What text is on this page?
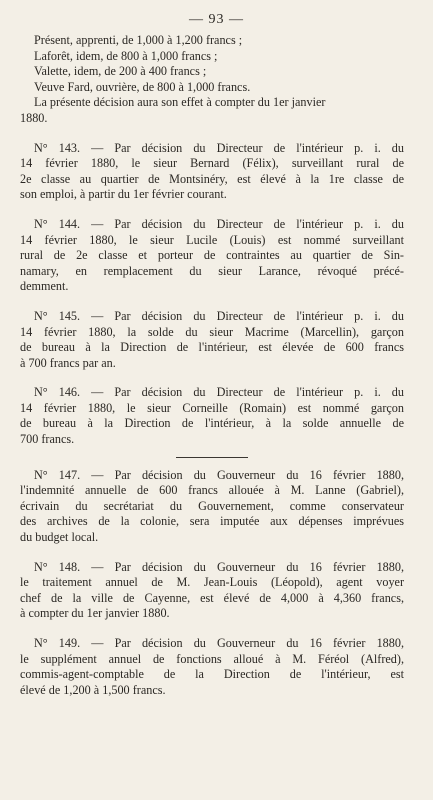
— 93 —
Présent, apprenti, de 1,000 à 1,200 francs ;
Laforêt, idem, de 800 à 1,000 francs ;
Valette, idem, de 200 à 400 francs ;
Veuve Fard, ouvrière, de 800 à 1,000 francs.
La présente décision aura son effet à compter du 1er janvier
1880.
N° 143. — Par décision du Directeur de l'intérieur p. i. du
14 février 1880, le sieur Bernard (Félix), surveillant rural de
2e classe au quartier de Montsinéry, est élevé à la 1re classe de
son emploi, à partir du 1er février courant.
N° 144. — Par décision du Directeur de l'intérieur p. i. du
14 février 1880, le sieur Lucile (Louis) est nommé surveillant
rural de 2e classe et porteur de contraintes au quartier de Sin-
namary, en remplacement du sieur Larance, révoqué précé-
demment.
N° 145. — Par décision du Directeur de l'intérieur p. i. du
14 février 1880, la solde du sieur Macrime (Marcellin), garçon
de bureau à la Direction de l'intérieur, est élevée de 600 francs
à 700 francs par an.
N° 146. — Par décision du Directeur de l'intérieur p. i. du
14 février 1880, le sieur Corneille (Romain) est nommé garçon
de bureau à la Direction de l'intérieur, à la solde annuelle de
700 francs.
N° 147. — Par décision du Gouverneur du 16 février 1880,
l'indemnité annuelle de 600 francs allouée à M. Lanne (Gabriel),
écrivain du secrétariat du Gouvernement, comme conservateur
des archives de la colonie, sera imputée aux dépenses imprévues
du budget local.
N° 148. — Par décision du Gouverneur du 16 février 1880,
le traitement annuel de M. Jean-Louis (Léopold), agent voyer
chef de la ville de Cayenne, est élevé de 4,000 à 4,360 francs,
à compter du 1er janvier 1880.
N° 149. — Par décision du Gouverneur du 16 février 1880,
le supplément annuel de fonctions alloué à M. Féréol (Alfred),
commis-agent-comptable de la Direction de l'intérieur, est
élevé de 1,200 à 1,500 francs.
